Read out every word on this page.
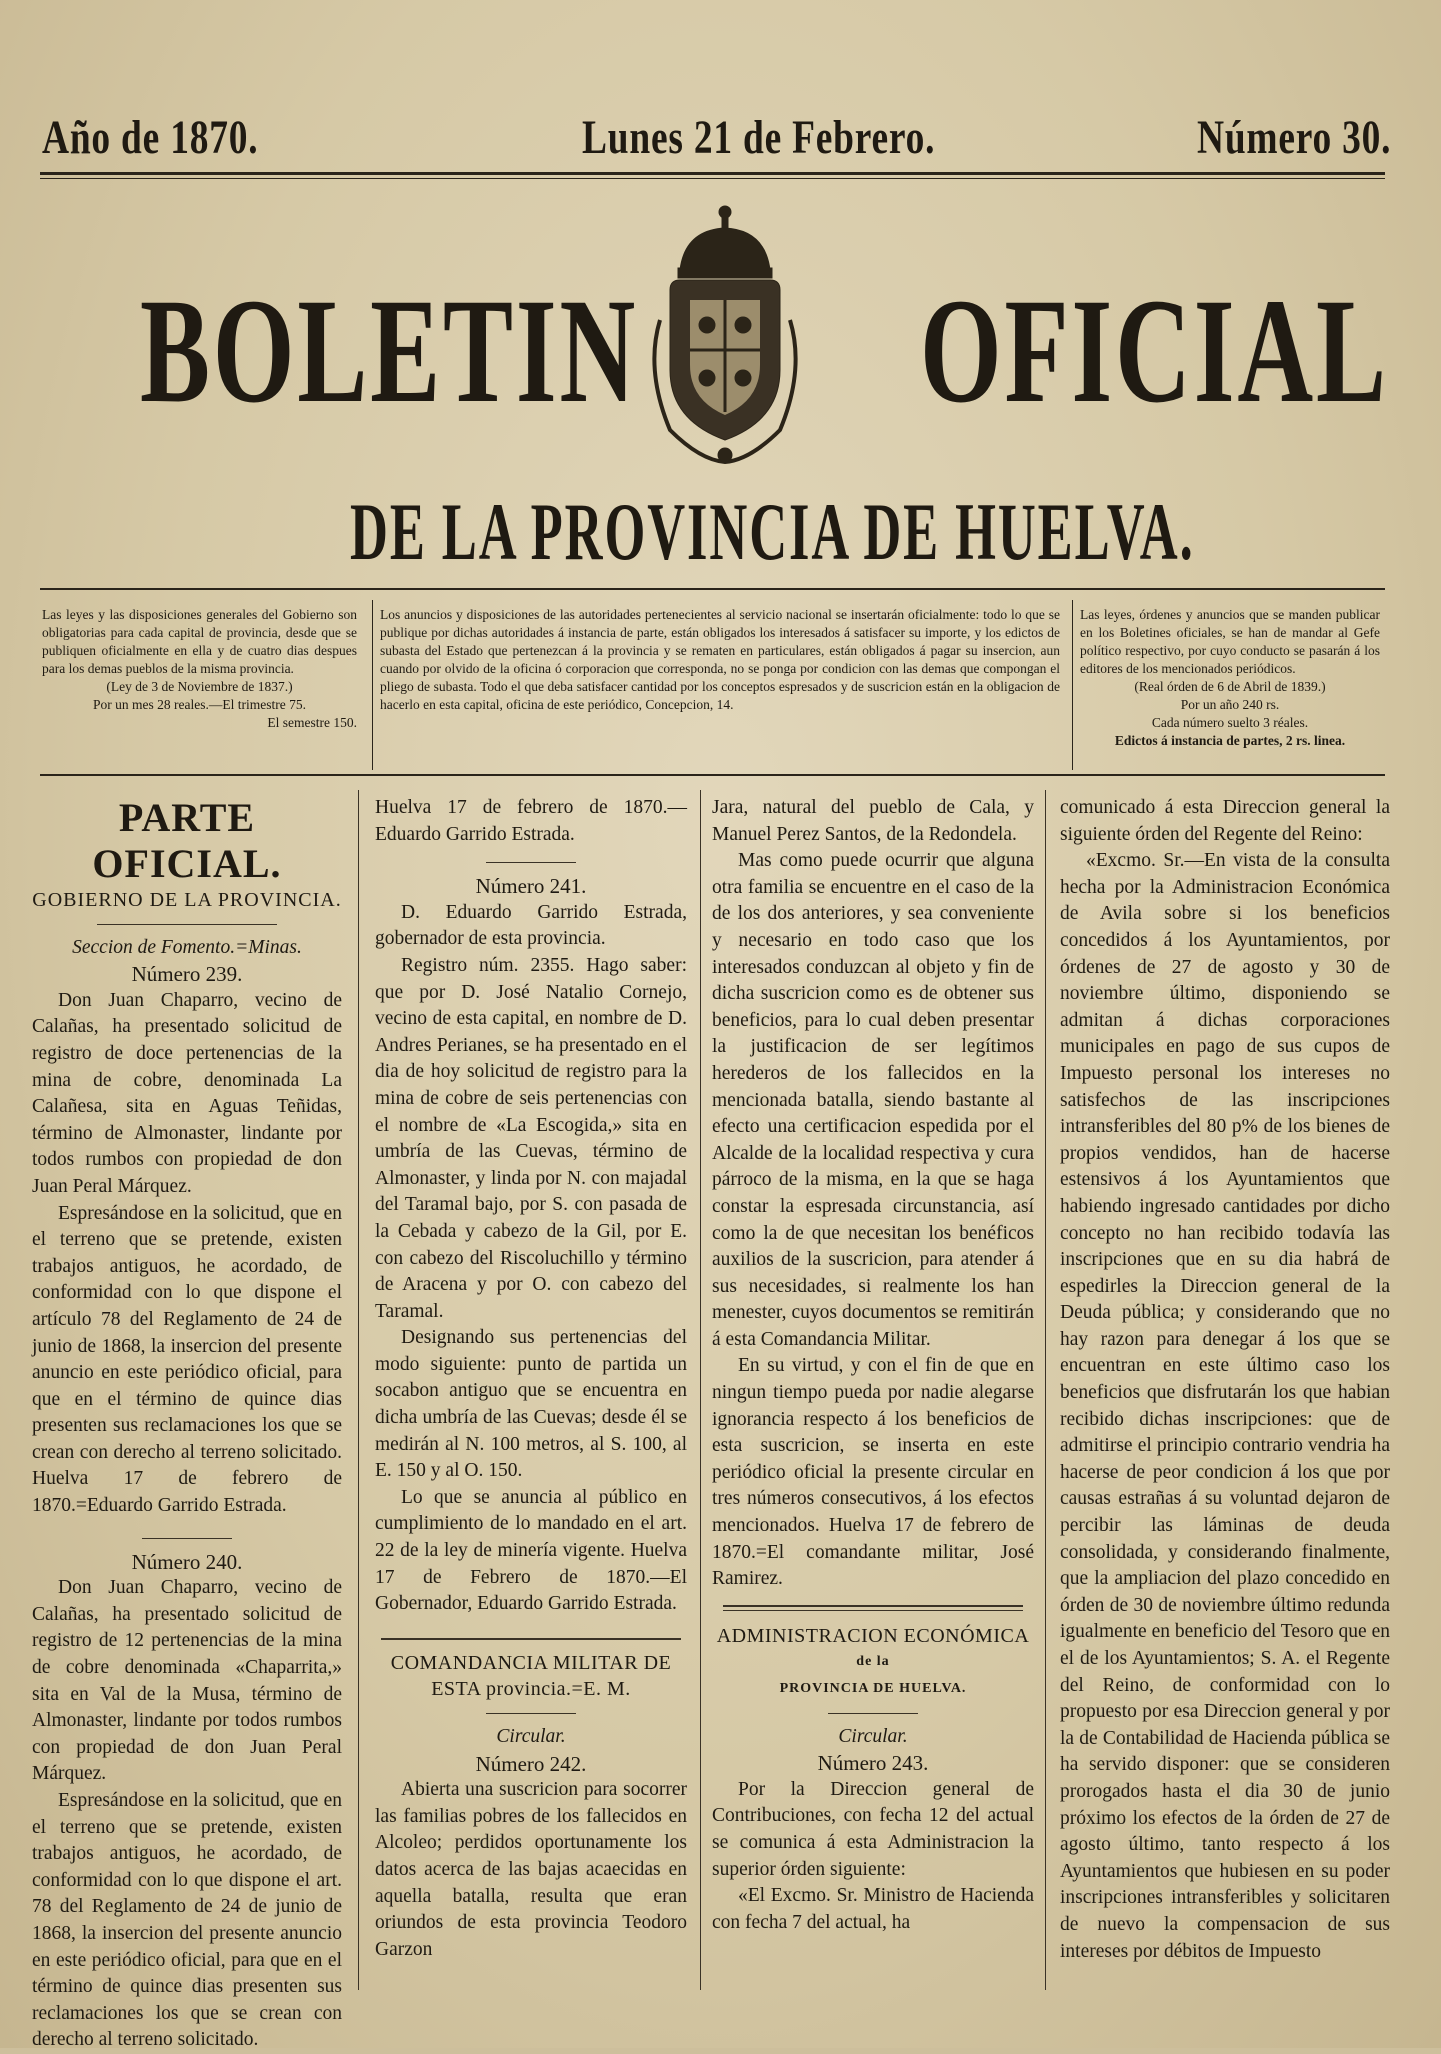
Año de 1870.	Lunes 21 de Febrero.	Número 30.
BOLETIN OFICIAL
DE LA PROVINCIA DE HUELVA.

Las leyes y las disposiciones generales del Gobierno son obligatorias para cada capital de provincia, desde que se publiquen oficialmente en ella y de cuatro dias despues para los demas pueblos de la misma provincia.

(Ley de 3 de Noviembre de 1837.)

Por un mes 28 reales.—El trimestre 75.

El semestre 150.

Los anuncios y disposiciones de las autoridades pertenecientes al servicio nacional se insertarán oficialmente: todo lo que se publique por dichas autoridades á instancia de parte, están obligados los interesados á satisfacer su importe, y los edictos de subasta del Estado que pertenezcan á la provincia y se rematen en particulares, están obligados á pagar su insercion, aun cuando por olvido de la oficina ó corporacion que corresponda, no se ponga por condicion con las demas que compongan el pliego de subasta. Todo el que deba satisfacer cantidad por los conceptos espresados y de suscricion están en la obligacion de hacerlo en esta capital, oficina de este periódico, Concepcion, 14.

Las leyes, órdenes y anuncios que se manden publicar en los Boletines oficiales, se han de mandar al Gefe político respectivo, por cuyo conducto se pasarán á los editores de los mencionados periódicos.

(Real órden de 6 de Abril de 1839.)

Por un año 240 rs.

Cada número suelto 3 réales.

Edictos á instancia de partes, 2 rs. linea.

PARTE OFICIAL.

GOBIERNO DE LA PROVINCIA.

Seccion de Fomento.=Minas.

Número 239.

Don Juan Chaparro, vecino de Calañas, ha presentado solicitud de registro de doce pertenencias de la mina de cobre, denominada La Calañesa, sita en Aguas Teñidas, término de Almonaster, lindante por todos rumbos con propiedad de don Juan Peral Márquez.

Espresándose en la solicitud, que en el terreno que se pretende, existen trabajos antiguos, he acordado, de conformidad con lo que dispone el artículo 78 del Reglamento de 24 de junio de 1868, la insercion del presente anuncio en este periódico oficial, para que en el término de quince dias presenten sus reclamaciones los que se crean con derecho al terreno solicitado. Huelva 17 de febrero de 1870.=Eduardo Garrido Estrada.

Número 240.

Don Juan Chaparro, vecino de Calañas, ha presentado solicitud de registro de 12 pertenencias de la mina de cobre denominada «Chaparrita,» sita en Val de la Musa, término de Almonaster, lindante por todos rumbos con propiedad de don Juan Peral Márquez.

Espresándose en la solicitud, que en el terreno que se pretende, existen trabajos antiguos, he acordado, de conformidad con lo que dispone el art. 78 del Reglamento de 24 de junio de 1868, la insercion del presente anuncio en este periódico oficial, para que en el término de quince dias presenten sus reclamaciones los que se crean con derecho al terreno solicitado.

Huelva 17 de febrero de 1870.—Eduardo Garrido Estrada.

Número 241.

D. Eduardo Garrido Estrada, gobernador de esta provincia.

Registro núm. 2355. Hago saber: que por D. José Natalio Cornejo, vecino de esta capital, en nombre de D. Andres Perianes, se ha presentado en el dia de hoy solicitud de registro para la mina de cobre de seis pertenencias con el nombre de «La Escogida,» sita en umbría de las Cuevas, término de Almonaster, y linda por N. con majadal del Taramal bajo, por S. con pasada de la Cebada y cabezo de la Gil, por E. con cabezo del Riscoluchillo y término de Aracena y por O. con cabezo del Taramal.

Designando sus pertenencias del modo siguiente: punto de partida un socabon antiguo que se encuentra en dicha umbría de las Cuevas; desde él se medirán al N. 100 metros, al S. 100, al E. 150 y al O. 150.

Lo que se anuncia al público en cumplimiento de lo mandado en el art. 22 de la ley de minería vigente. Huelva 17 de Febrero de 1870.—El Gobernador, Eduardo Garrido Estrada.

COMANDANCIA MILITAR DE ESTA provincia.=E. M.

Circular.

Número 242.

Abierta una suscricion para socorrer las familias pobres de los fallecidos en Alcoleo; perdidos oportunamente los datos acerca de las bajas acaecidas en aquella batalla, resulta que eran oriundos de esta provincia Teodoro Garzon

Jara, natural del pueblo de Cala, y Manuel Perez Santos, de la Redondela.

Mas como puede ocurrir que alguna otra familia se encuentre en el caso de la de los dos anteriores, y sea conveniente y necesario en todo caso que los interesados conduzcan al objeto y fin de dicha suscricion como es de obtener sus beneficios, para lo cual deben presentar la justificacion de ser legítimos herederos de los fallecidos en la mencionada batalla, siendo bastante al efecto una certificacion espedida por el Alcalde de la localidad respectiva y cura párroco de la misma, en la que se haga constar la espresada circunstancia, así como la de que necesitan los benéficos auxilios de la suscricion, para atender á sus necesidades, si realmente los han menester, cuyos documentos se remitirán á esta Comandancia Militar.

En su virtud, y con el fin de que en ningun tiempo pueda por nadie alegarse ignorancia respecto á los beneficios de esta suscricion, se inserta en este periódico oficial la presente circular en tres números consecutivos, á los efectos mencionados. Huelva 17 de febrero de 1870.=El comandante militar, José Ramirez.

ADMINISTRACION ECONÓMICA

de la

PROVINCIA DE HUELVA.

Circular.

Número 243.

Por la Direccion general de Contribuciones, con fecha 12 del actual se comunica á esta Administracion la superior órden siguiente:

«El Excmo. Sr. Ministro de Hacienda con fecha 7 del actual, ha

comunicado á esta Direccion general la siguiente órden del Regente del Reino:

«Excmo. Sr.—En vista de la consulta hecha por la Administracion Económica de Avila sobre si los beneficios concedidos á los Ayuntamientos, por órdenes de 27 de agosto y 30 de noviembre último, disponiendo se admitan á dichas corporaciones municipales en pago de sus cupos de Impuesto personal los intereses no satisfechos de las inscripciones intransferibles del 80 p% de los bienes de propios vendidos, han de hacerse estensivos á los Ayuntamientos que habiendo ingresado cantidades por dicho concepto no han recibido todavía las inscripciones que en su dia habrá de espedirles la Direccion general de la Deuda pública; y considerando que no hay razon para denegar á los que se encuentran en este último caso los beneficios que disfrutarán los que habian recibido dichas inscripciones: que de admitirse el principio contrario vendria ha hacerse de peor condicion á los que por causas estrañas á su voluntad dejaron de percibir las láminas de deuda consolidada, y considerando finalmente, que la ampliacion del plazo concedido en órden de 30 de noviembre último redunda igualmente en beneficio del Tesoro que en el de los Ayuntamientos; S. A. el Regente del Reino, de conformidad con lo propuesto por esa Direccion general y por la de Contabilidad de Hacienda pública se ha servido disponer: que se consideren prorogados hasta el dia 30 de junio próximo los efectos de la órden de 27 de agosto último, tanto respecto á los Ayuntamientos que hubiesen en su poder inscripciones intransferibles y solicitaren de nuevo la compensacion de sus intereses por débitos de Impuesto
